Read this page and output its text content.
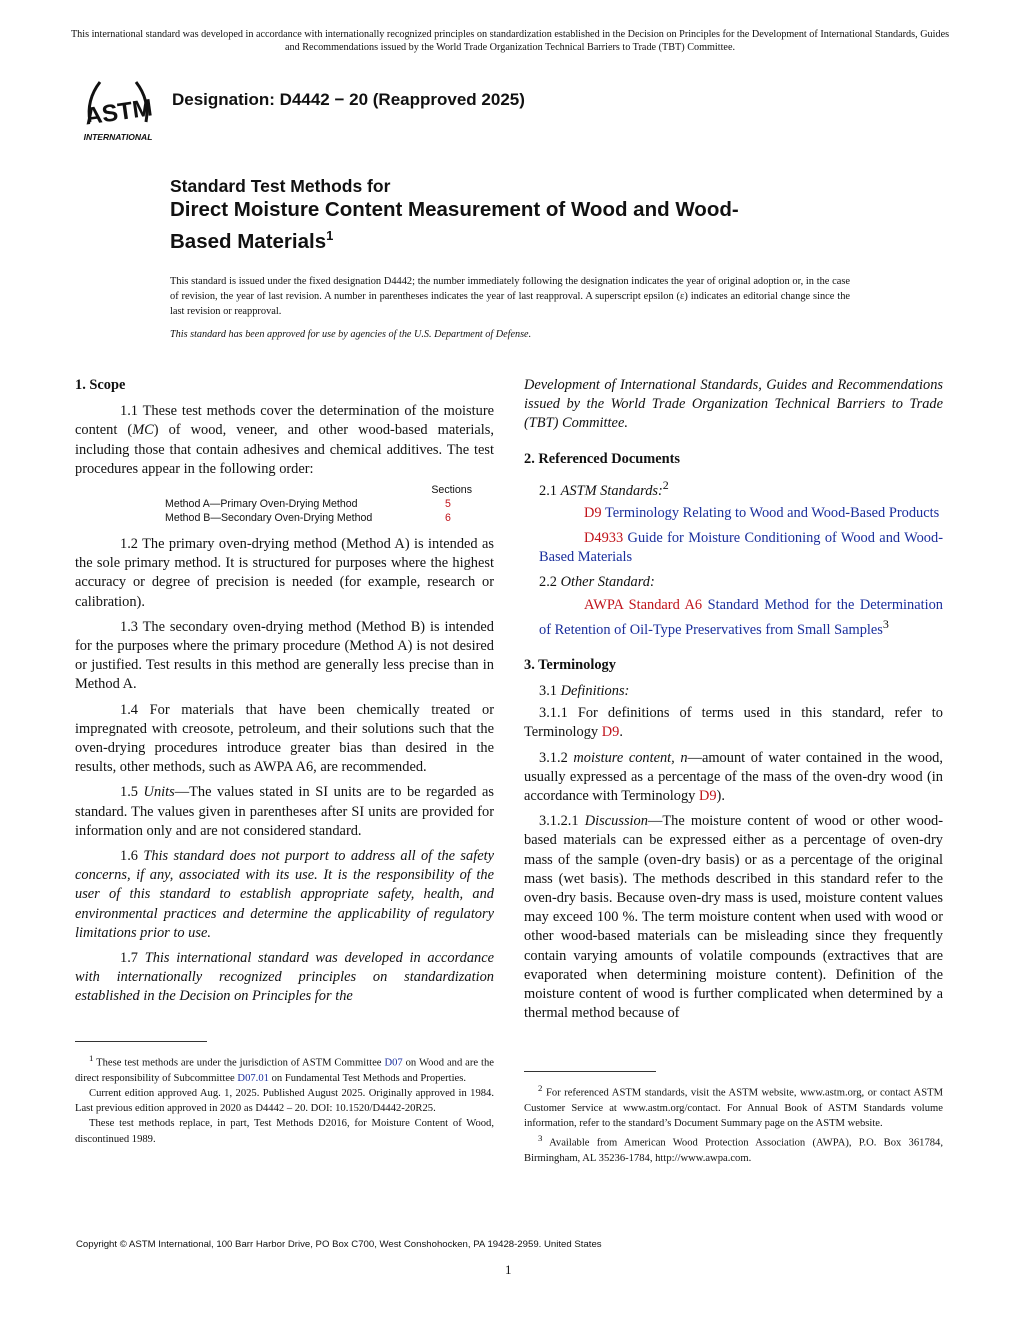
This international standard was developed in accordance with internationally recognized principles on standardization established in the Decision on Principles for the Development of International Standards, Guides and Recommendations issued by the World Trade Organization Technical Barriers to Trade (TBT) Committee.
ASTM
INTERNATIONAL
Designation: D4442 − 20 (Reapproved 2025)
Standard Test Methods for
Direct Moisture Content Measurement of Wood and Wood-
Based Materials$^1$
This standard is issued under the fixed designation D4442; the number immediately following the designation indicates the year of original adoption or, in the case of revision, the year of last revision. A number in parentheses indicates the year of last reapproval. A superscript epsilon (ε) indicates an editorial change since the last revision or reapproval.
This standard has been approved for use by agencies of the U.S. Department of Defense.
1. Scope

1.1 These test methods cover the determination of the moisture content (MC) of wood, veneer, and other wood-based materials, including those that contain adhesives and chemical additives. The test procedures appear in the following order:

Sections
Method A—Primary Oven-Drying Method	5
Method B—Secondary Oven-Drying Method	6

1.2 The primary oven-drying method (Method A) is intended as the sole primary method. It is structured for purposes where the highest accuracy or degree of precision is needed (for example, research or calibration).

1.3 The secondary oven-drying method (Method B) is intended for the purposes where the primary procedure (Method A) is not desired or justified. Test results in this method are generally less precise than in Method A.

1.4 For materials that have been chemically treated or impregnated with creosote, petroleum, and their solutions such that the oven-drying procedures introduce greater bias than desired in the results, other methods, such as AWPA A6, are recommended.

1.5 Units—The values stated in SI units are to be regarded as standard. The values given in parentheses after SI units are provided for information only and are not considered standard.

1.6 This standard does not purport to address all of the safety concerns, if any, associated with its use. It is the responsibility of the user of this standard to establish appropriate safety, health, and environmental practices and determine the applicability of regulatory limitations prior to use.

1.7 This international standard was developed in accordance with internationally recognized principles on standardization established in the Decision on Principles for the

Development of International Standards, Guides and Recommendations issued by the World Trade Organization Technical Barriers to Trade (TBT) Committee.

2. Referenced Documents

2.1 ASTM Standards:$^2$

D9 Terminology Relating to Wood and Wood-Based Products

D4933 Guide for Moisture Conditioning of Wood and Wood-Based Materials

2.2 Other Standard:

AWPA Standard A6 Standard Method for the Determination of Retention of Oil-Type Preservatives from Small Samples$^3$

3. Terminology

3.1 Definitions:

3.1.1 For definitions of terms used in this standard, refer to Terminology D9.

3.1.2 moisture content, n—amount of water contained in the wood, usually expressed as a percentage of the mass of the oven-dry wood (in accordance with Terminology D9).

3.1.2.1 Discussion—The moisture content of wood or other wood-based materials can be expressed either as a percentage of oven-dry mass of the sample (oven-dry basis) or as a percentage of the original mass (wet basis). The methods described in this standard refer to the oven-dry basis. Because oven-dry mass is used, moisture content values may exceed 100 %. The term moisture content when used with wood or other wood-based materials can be misleading since they frequently contain varying amounts of volatile compounds (extractives that are evaporated when determining moisture content). Definition of the moisture content of wood is further complicated when determined by a thermal method because of

$^1$ These test methods are under the jurisdiction of ASTM Committee D07 on Wood and are the direct responsibility of Subcommittee D07.01 on Fundamental Test Methods and Properties.

Current edition approved Aug. 1, 2025. Published August 2025. Originally approved in 1984. Last previous edition approved in 2020 as D4442 – 20. DOI: 10.1520/D4442-20R25.

These test methods replace, in part, Test Methods D2016, for Moisture Content of Wood, discontinued 1989.

$^2$ For referenced ASTM standards, visit the ASTM website, www.astm.org, or contact ASTM Customer Service at www.astm.org/contact. For Annual Book of ASTM Standards volume information, refer to the standard’s Document Summary page on the ASTM website.

$^3$ Available from American Wood Protection Association (AWPA), P.O. Box 361784, Birmingham, AL 35236-1784, http://www.awpa.com.

Copyright © ASTM International, 100 Barr Harbor Drive, PO Box C700, West Conshohocken, PA 19428-2959. United States
1
